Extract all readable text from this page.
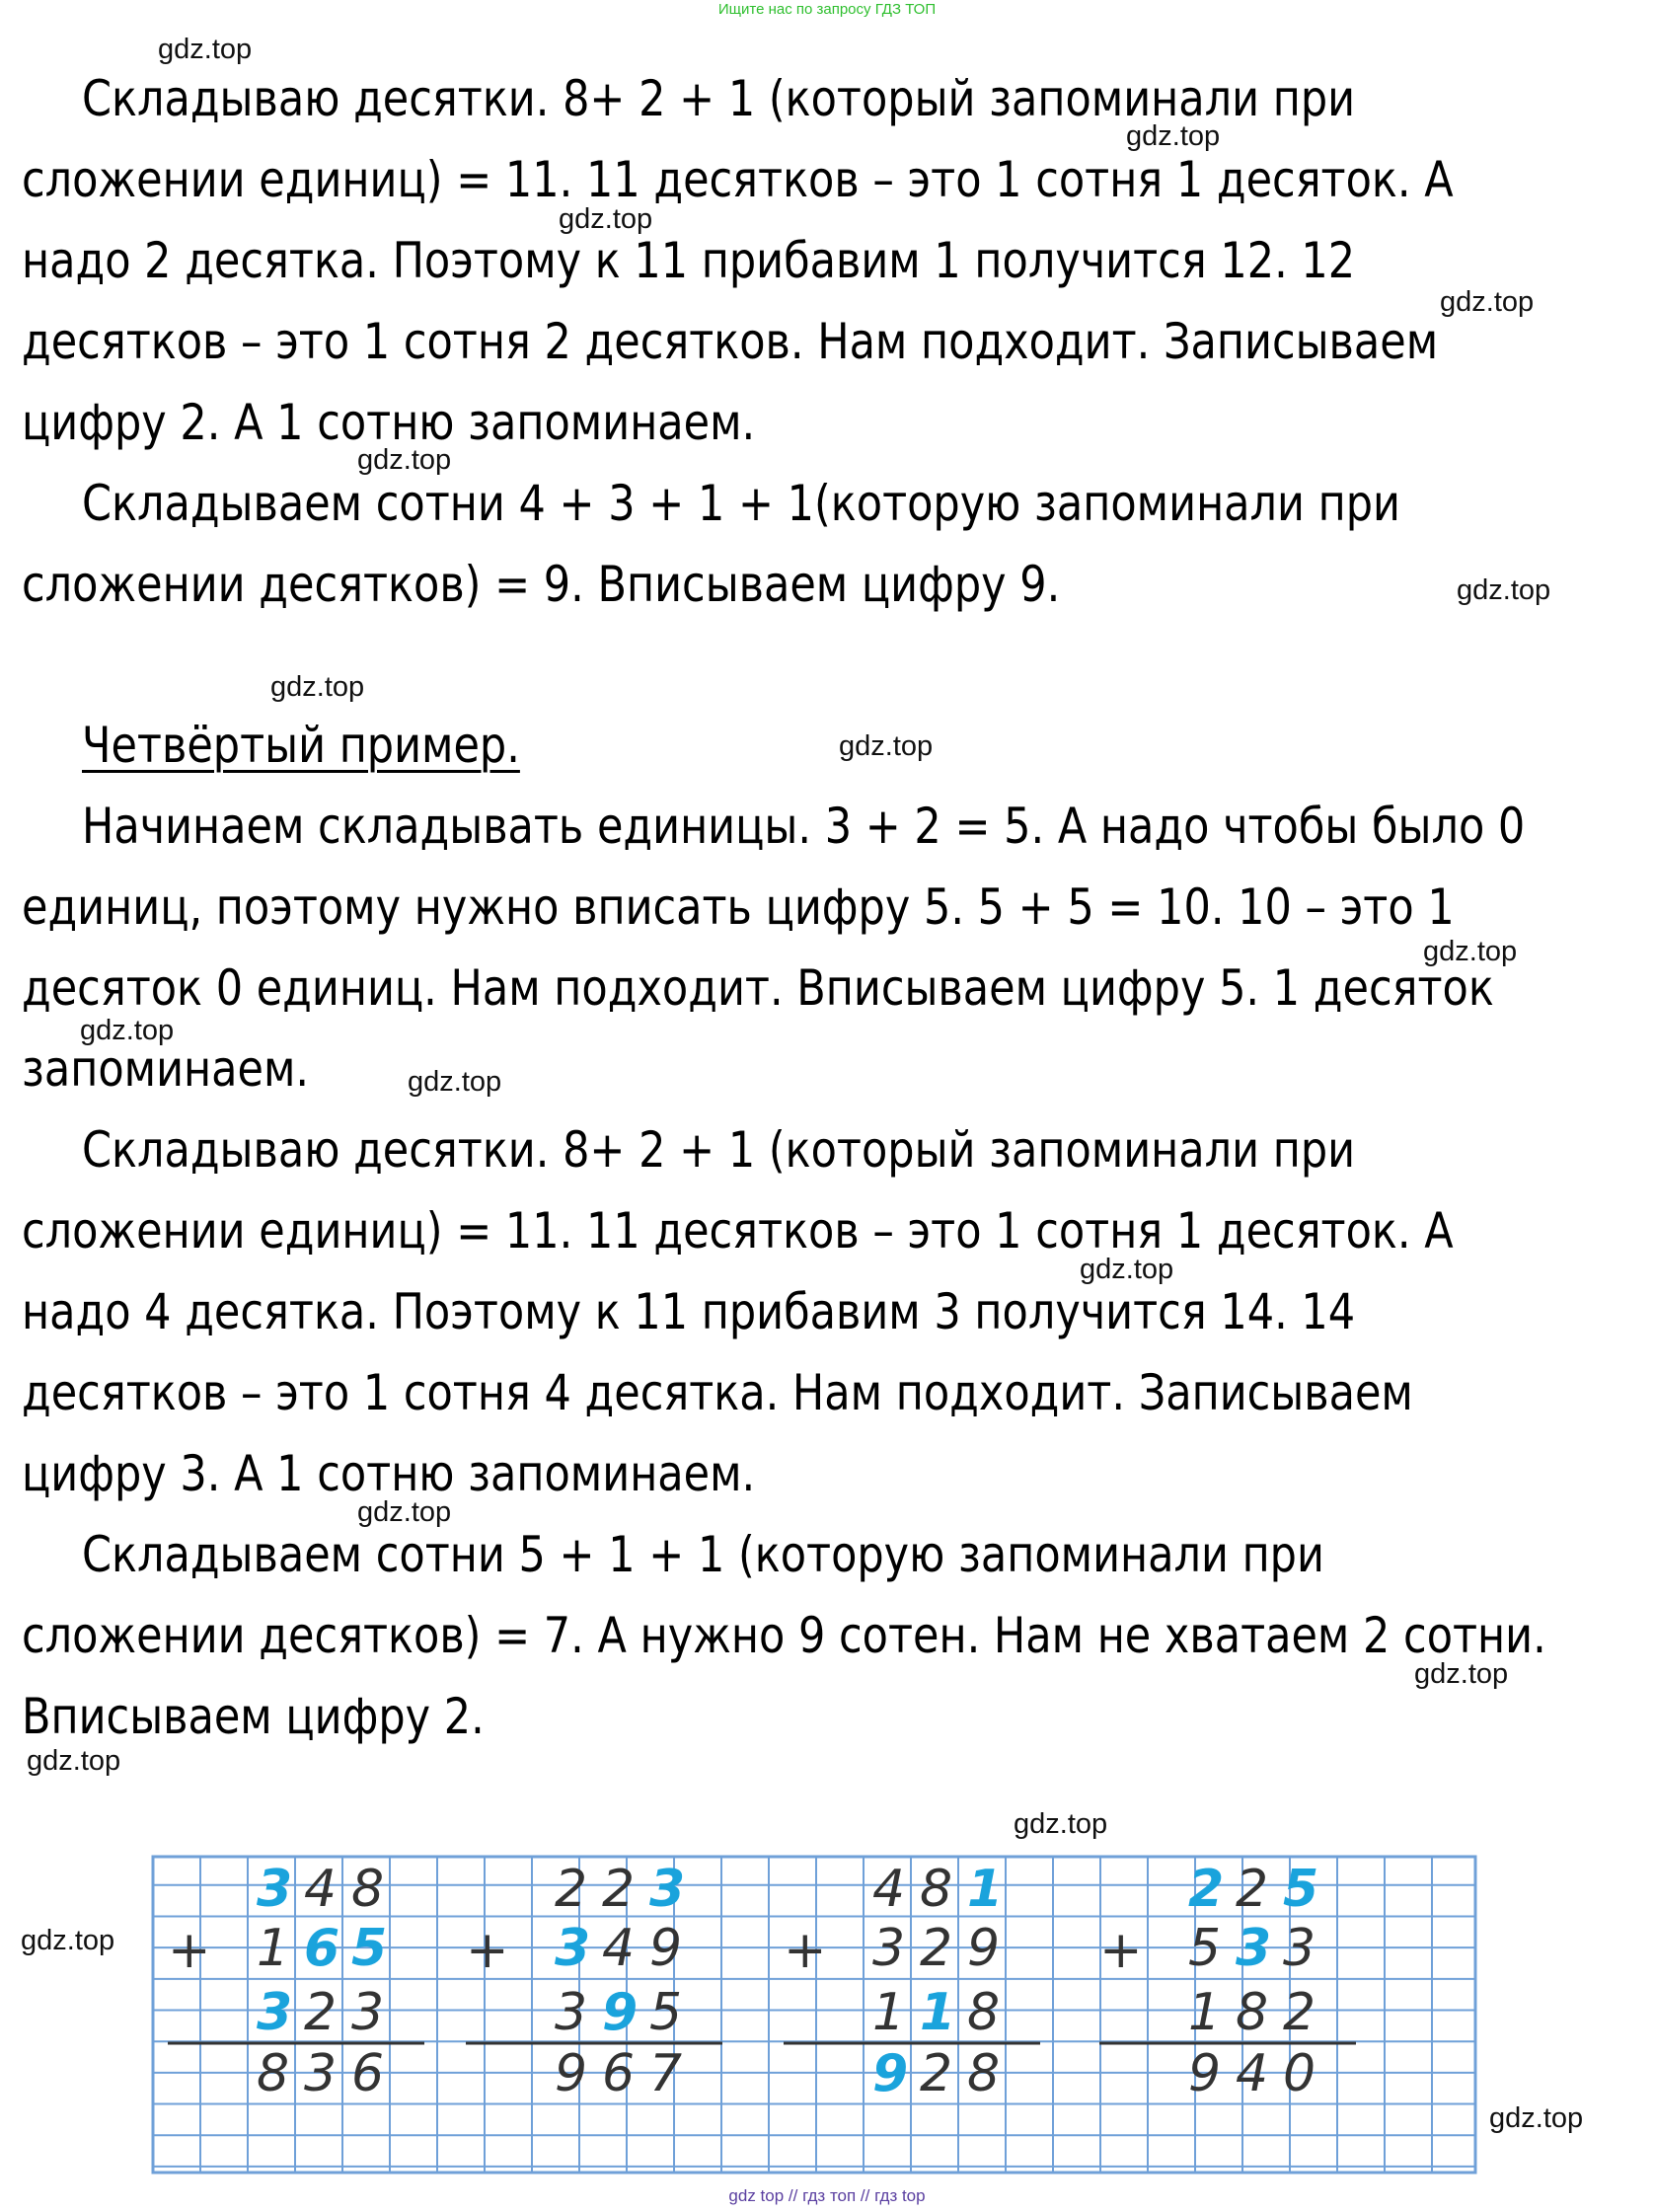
Ищите нас по запросу ГДЗ ТОП
Складываю десятки. 8+ 2 + 1 (который запоминали при
сложении единиц) = 11. 11 десятков – это 1 сотня 1 десяток. А
надо 2 десятка. Поэтому к 11 прибавим 1 получится 12. 12
десятков – это 1 сотня 2 десятков. Нам подходит. Записываем
цифру 2. А 1 сотню запоминаем.
Складываем сотни 4 + 3 + 1 + 1(которую запоминали при
сложении десятков) = 9. Вписываем цифру 9.
Четвёртый пример.
Начинаем складывать единицы. 3 + 2 = 5. А надо чтобы было 0
единиц, поэтому нужно вписать цифру 5. 5 + 5 = 10. 10 – это 1
десяток 0 единиц. Нам подходит. Вписываем цифру 5. 1 десяток
запоминаем.
Складываю десятки. 8+ 2 + 1 (который запоминали при
сложении единиц) = 11. 11 десятков – это 1 сотня 1 десяток. А
надо 4 десятка. Поэтому к 11 прибавим 3 получится 14. 14
десятков – это 1 сотня 4 десятка. Нам подходит. Записываем
цифру 3. А 1 сотню запоминаем.
Складываем сотни 5 + 1 + 1 (которую запоминали при
сложении десятков) = 7. А нужно 9 сотен. Нам не хватаем 2 сотни.
Вписываем цифру 2.
gdz.top
gdz.top
gdz.top
gdz.top
gdz.top
gdz.top
gdz.top
gdz.top
gdz.top
gdz.top
gdz.top
gdz.top
gdz.top
gdz.top
gdz.top
gdz.top
gdz.top
gdz.top
+
3 4 8
1 6 5
3 2 3
8 3 6
+
2 2 3
3 4 9
3 9 5
9 6 7
+
4 8 1
3 2 9
1 1 8
9 2 8
+
2 2 5
5 3 3
1 8 2
9 4 0
gdz top // гдз топ // гдз top
